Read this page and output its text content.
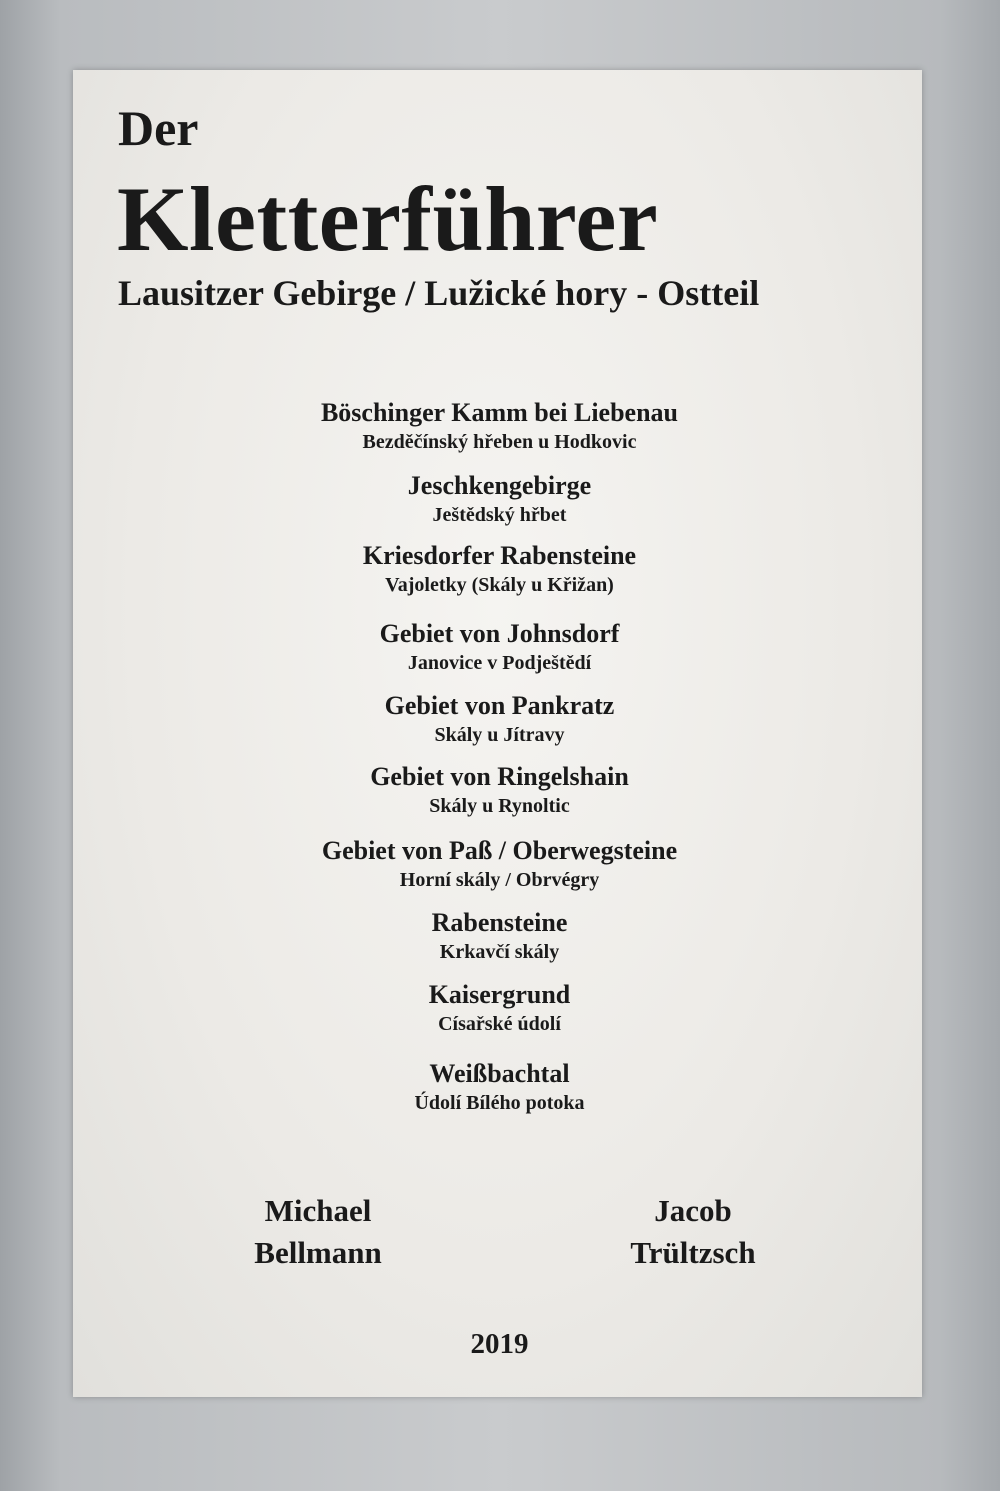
Der
Kletterführer
Lausitzer Gebirge / Lužické hory - Ostteil
Böschinger Kamm bei Liebenau
Bezděčínský hřeben u Hodkovic
Jeschkengebirge
Ještědský hřbet
Kriesdorfer Rabensteine
Vajoletky (Skály u Křižan)
Gebiet von Johnsdorf
Janovice v Podještědí
Gebiet von Pankratz
Skály u Jítravy
Gebiet von Ringelshain
Skály u Rynoltic
Gebiet von Paß / Oberwegsteine
Horní skály / Obrvégry
Rabensteine
Krkavčí skály
Kaisergrund
Císařské údolí
Weißbachtal
Údolí Bílého potoka
Michael
Bellmann
Jacob
Trültzsch
2019
